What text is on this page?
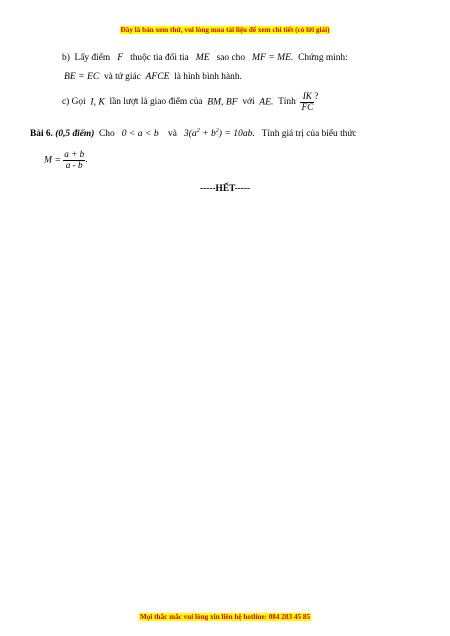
Đây là bản xem thử, vui lòng mua tài liệu để xem chi tiết (có lời giải)
b) Lấy điểm F thuộc tia đối tia ME sao cho MF = ME. Chứng minh:
BE = EC và tứ giác AFCE là hình bình hành.
c) Gọi I, K lần lượt là giao điểm của BM, BF với AE. Tính $\frac{IK}{FC}$ ?
Bài 6. (0,5 điểm) Cho 0 < a < b và $3(a^2 + b^2) = 10ab$. Tính giá trị của biểu thức
$M = \frac{a + b}{a - b}$ .
-----HẾT-----
Mọi thắc mắc vui lòng xin liên hệ hotline: 084 283 45 85
